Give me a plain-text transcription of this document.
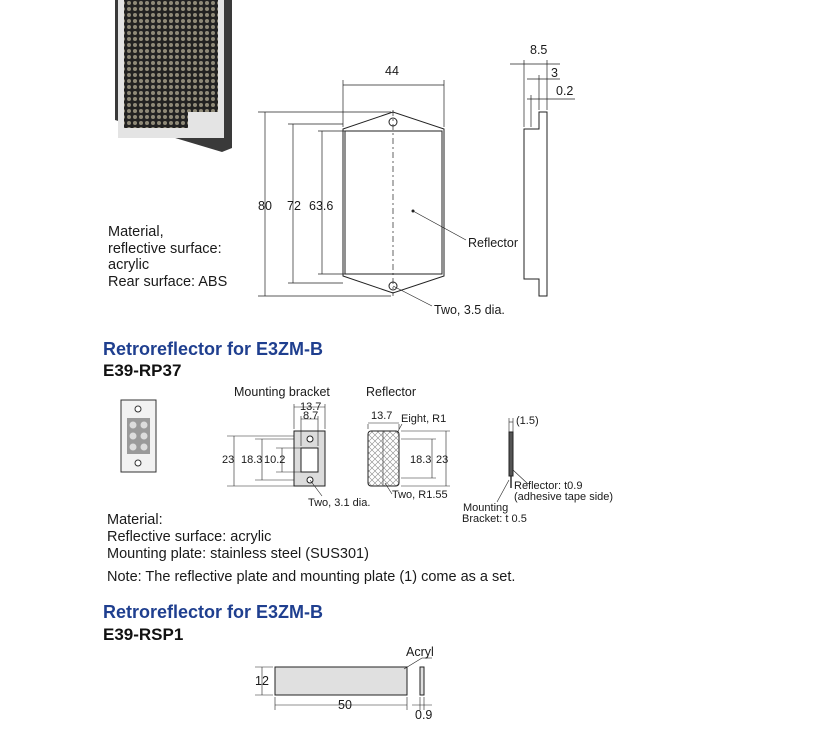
Material,
reflective surface:
acrylic
Rear surface: ABS
44
80 72 63.6
8.5
3
0.2
Reflector
Two, 3.5 dia.
Retroreflector for E3ZM-B
E39-RP37
Mounting bracket	Reflector
13.7
8.7
23 18.3 10.2
Two, 3.1 dia.
13.7 Eight, R1
18.3 23
Two, R1.55
(1.5)
Reflector: t0.9
(adhesive tape side)
Mounting
Bracket: t 0.5
Material:
Reflective surface: acrylic
Mounting plate: stainless steel (SUS301)
Note: The reflective plate and mounting plate (1) come as a set.
Retroreflector for E3ZM-B
E39-RSP1
12
50
0.9
Acryl
